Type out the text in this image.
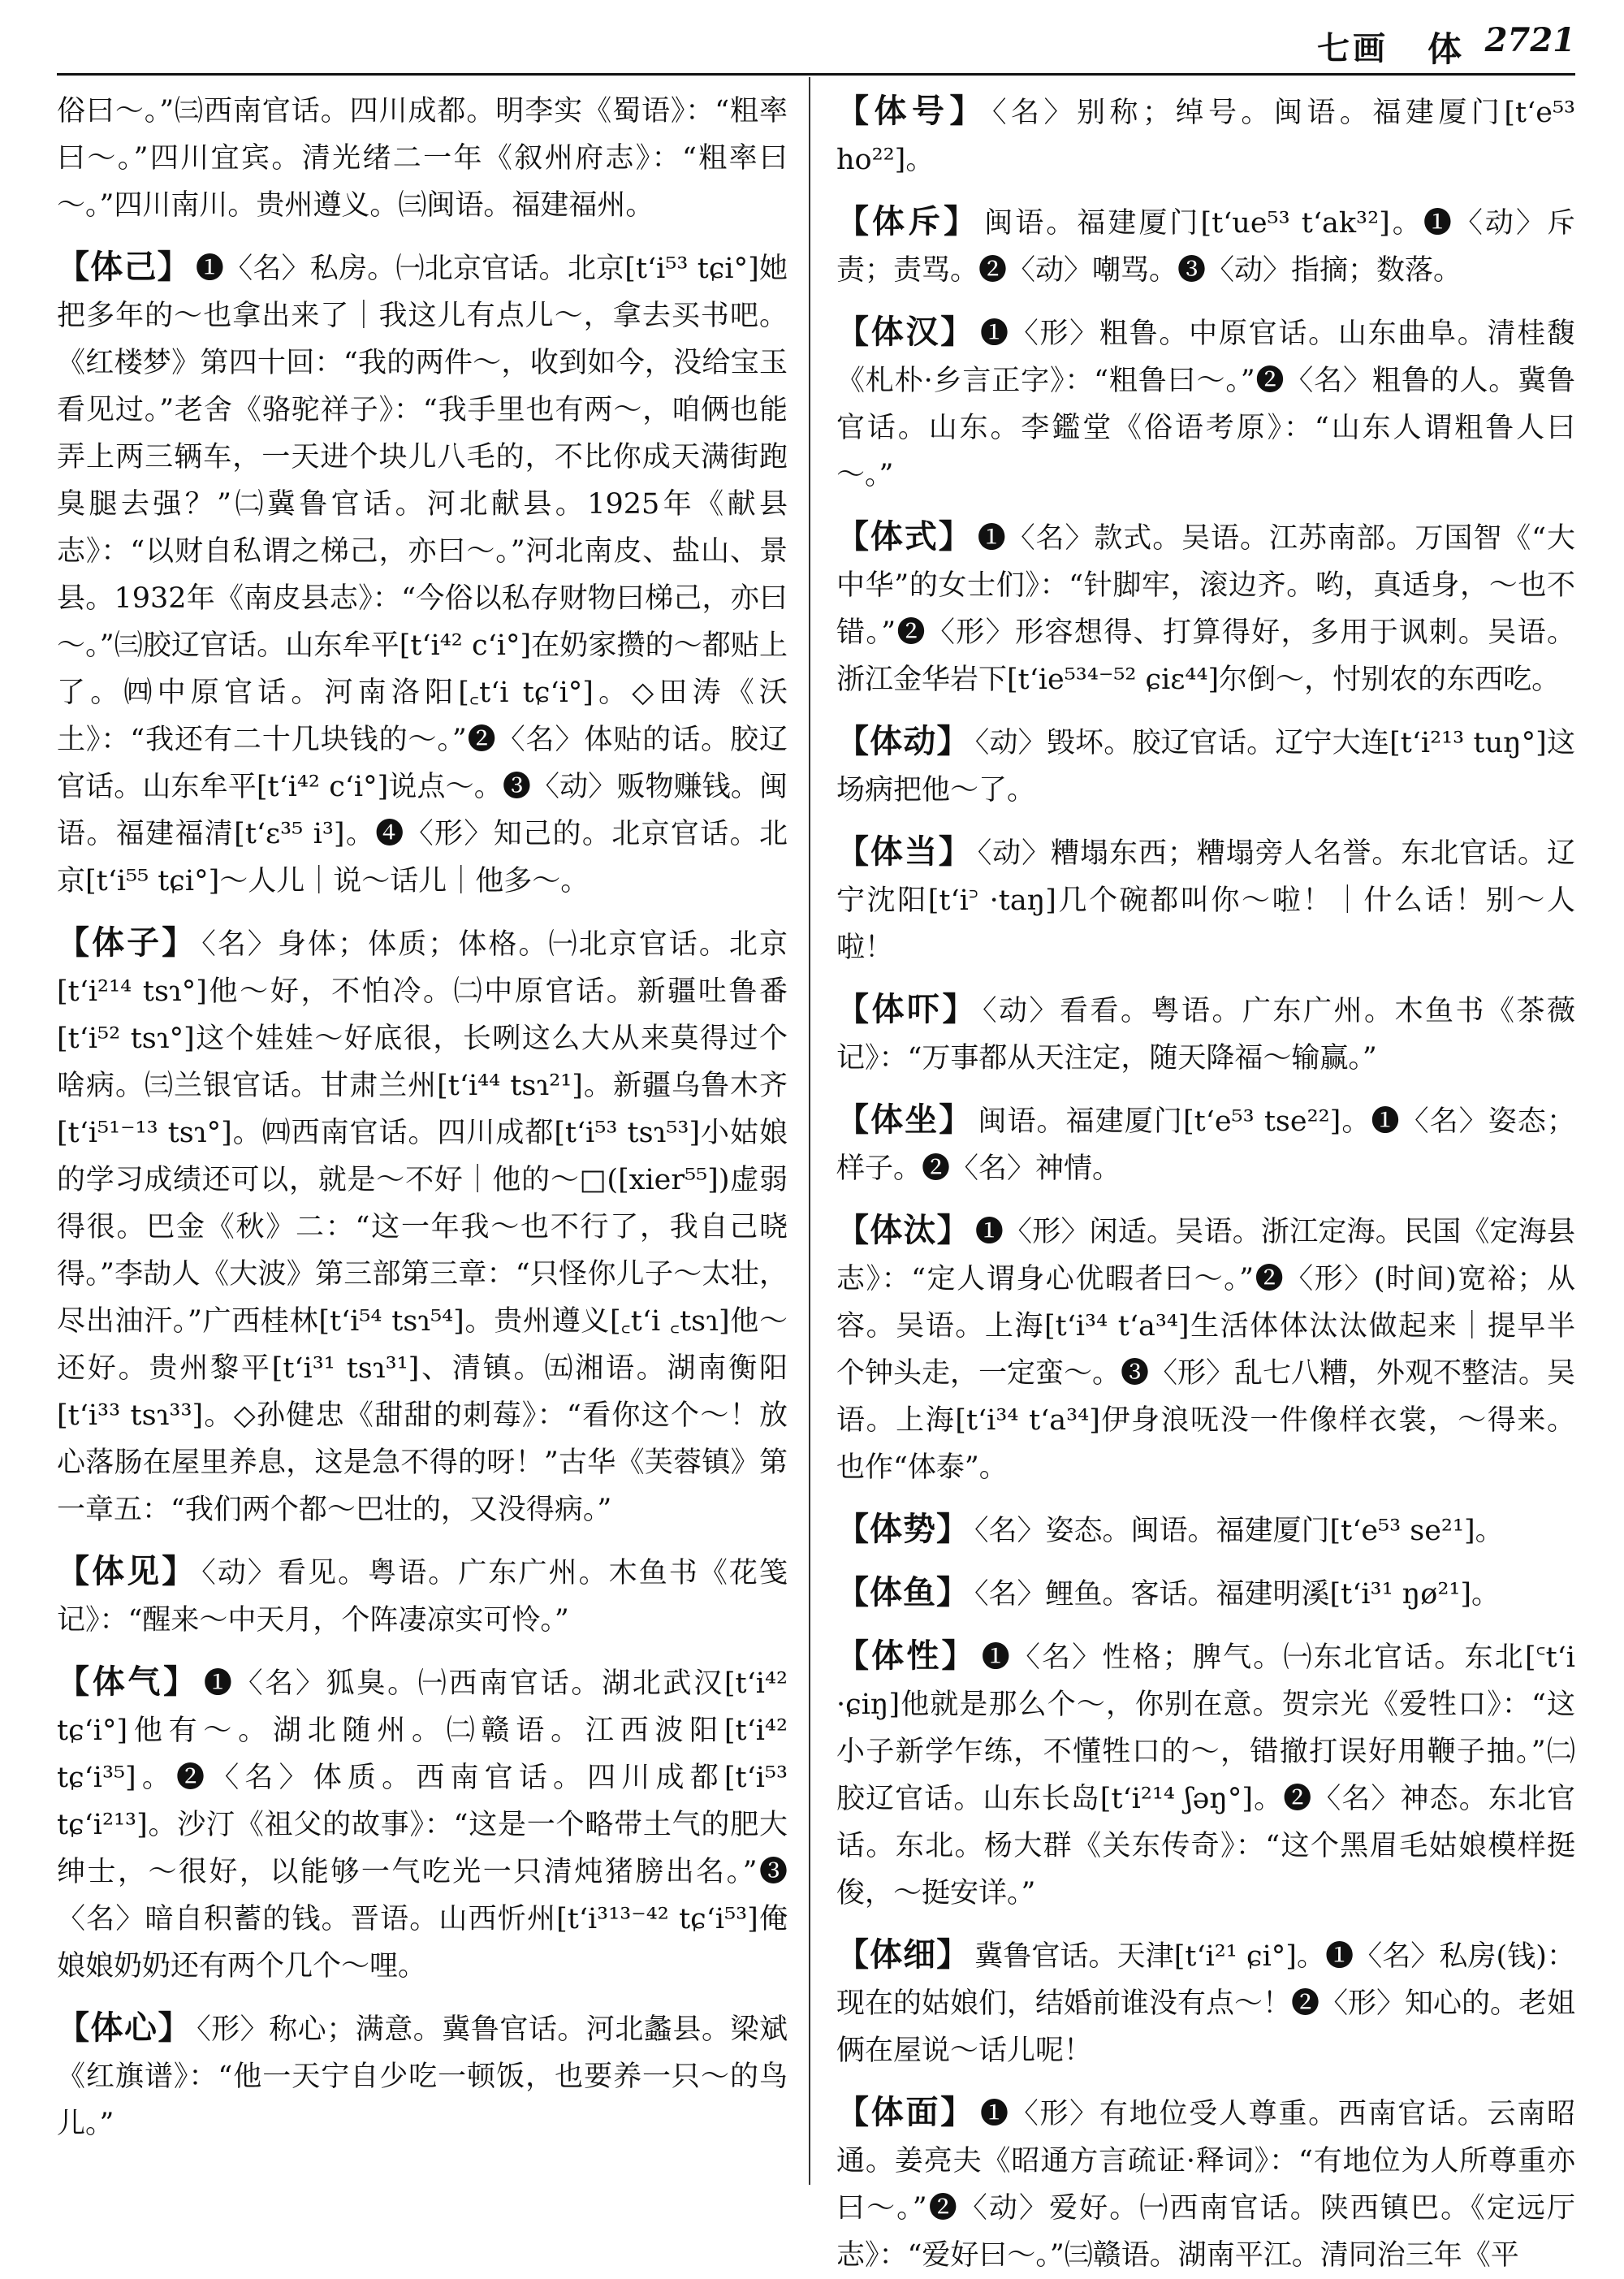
七画 体 2721

俗曰～。”㈢西南官话。四川成都。明李实《蜀语》：“粗率曰～。”四川宜宾。清光绪二一年《叙州府志》：“粗率曰～。”四川南川。贵州遵义。㈢闽语。福建福州。

【体己】 ❶〈名〉私房。㈠北京官话。北京[tʻi⁵³ tɕi°]她把多年的～也拿出来了｜我这儿有点儿～，拿去买书吧。《红楼梦》第四十回：“我的两件～，收到如今，没给宝玉看见过。”老舍《骆驼祥子》：“我手里也有两～，咱俩也能弄上两三辆车，一天进个块儿八毛的，不比你成天满街跑臭腿去强？”㈡冀鲁官话。河北献县。1925年《献县志》：“以财自私谓之梯己，亦曰～。”河北南皮、盐山、景县。1932年《南皮县志》：“今俗以私存财物曰梯己，亦曰～。”㈢胶辽官话。山东牟平[tʻi⁴² cʻi°]在奶家攒的～都贴上了。㈣中原官话。河南洛阳[꜀tʻi tɕʻi°]。◇田涛《沃土》：“我还有二十几块钱的～。”❷〈名〉体贴的话。胶辽官话。山东牟平[tʻi⁴² cʻi°]说点～。❸〈动〉贩物赚钱。闽语。福建福清[tʻɛ³⁵ i³]。❹〈形〉知己的。北京官话。北京[tʻi⁵⁵ tɕi°]～人儿｜说～话儿｜他多～。

【体子】 〈名〉身体；体质；体格。㈠北京官话。北京[tʻi²¹⁴ tsɿ°]他～好，不怕冷。㈡中原官话。新疆吐鲁番[tʻi⁵² tsɿ°]这个娃娃～好底很，长咧这么大从来莫得过个啥病。㈢兰银官话。甘肃兰州[tʻi⁴⁴ tsɿ²¹]。新疆乌鲁木齐[tʻi⁵¹⁻¹³ tsɿ°]。㈣西南官话。四川成都[tʻi⁵³ tsɿ⁵³]小姑娘的学习成绩还可以，就是～不好｜他的～□([xier⁵⁵])虚弱得很。巴金《秋》二：“这一年我～也不行了，我自己晓得。”李劼人《大波》第三部第三章：“只怪你儿子～太壮，尽出油汗。”广西桂林[tʻi⁵⁴ tsɿ⁵⁴]。贵州遵义[꜀tʻi ꜀tsɿ]他～还好。贵州黎平[tʻi³¹ tsɿ³¹]、清镇。㈤湘语。湖南衡阳[tʻi³³ tsɿ³³]。◇孙健忠《甜甜的刺莓》：“看你这个～！放心落肠在屋里养息，这是急不得的呀！”古华《芙蓉镇》第一章五：“我们两个都～巴壮的，又没得病。”

【体见】 〈动〉看见。粤语。广东广州。木鱼书《花笺记》：“醒来～中天月，个阵凄凉实可怜。”

【体气】 ❶〈名〉狐臭。㈠西南官话。湖北武汉[tʻi⁴² tɕʻi°]他有～。湖北随州。㈡赣语。江西波阳[tʻi⁴² tɕʻi³⁵]。❷〈名〉体质。西南官话。四川成都[tʻi⁵³ tɕʻi²¹³]。沙汀《祖父的故事》：“这是一个略带土气的肥大绅士，～很好，以能够一气吃光一只清炖猪膀出名。”❸〈名〉暗自积蓄的钱。晋语。山西忻州[tʻi³¹³⁻⁴² tɕʻi⁵³]俺娘娘奶奶还有两个几个～哩。

【体心】 〈形〉称心；满意。冀鲁官话。河北蠡县。梁斌《红旗谱》：“他一天宁自少吃一顿饭，也要养一只～的鸟儿。”

【体号】 〈名〉别称；绰号。闽语。福建厦门[tʻe⁵³ ho²²]。

【体斥】 闽语。福建厦门[tʻue⁵³ tʻak³²]。❶〈动〉斥责；责骂。❷〈动〉嘲骂。❸〈动〉指摘；数落。

【体汉】 ❶〈形〉粗鲁。中原官话。山东曲阜。清桂馥《札朴·乡言正字》：“粗鲁曰～。”❷〈名〉粗鲁的人。冀鲁官话。山东。李鑑堂《俗语考原》：“山东人谓粗鲁人曰～。”

【体式】 ❶〈名〉款式。吴语。江苏南部。万国智《“大中华”的女士们》：“针脚牢，滚边齐。哟，真适身，～也不错。”❷〈形〉形容想得、打算得好，多用于讽刺。吴语。浙江金华岩下[tʻie⁵³⁴⁻⁵² ɕiɛ⁴⁴]尔倒～，忖别农的东西吃。

【体动】 〈动〉毁坏。胶辽官话。辽宁大连[tʻi²¹³ tuŋ°]这场病把他～了。

【体当】 〈动〉糟塌东西；糟塌旁人名誉。东北官话。辽宁沈阳[tʻi꜄ ·taŋ]几个碗都叫你～啦！｜什么话！别～人啦！

【体吓】 〈动〉看看。粤语。广东广州。木鱼书《茶薇记》：“万事都从天注定，随天降福～输赢。”

【体坐】 闽语。福建厦门[tʻe⁵³ tse²²]。❶〈名〉姿态；样子。❷〈名〉神情。

【体汰】 ❶〈形〉闲适。吴语。浙江定海。民国《定海县志》：“定人谓身心优暇者曰～。”❷〈形〉(时间)宽裕；从容。吴语。上海[tʻi³⁴ tʻa³⁴]生活体体汰汰做起来｜提早半个钟头走，一定蛮～。❸〈形〉乱七八糟，外观不整洁。吴语。上海[tʻi³⁴ tʻa³⁴]伊身浪呒没一件像样衣裳，～得来。也作“体泰”。

【体势】 〈名〉姿态。闽语。福建厦门[tʻe⁵³ se²¹]。

【体鱼】 〈名〉鲤鱼。客话。福建明溪[tʻi³¹ ŋø²¹]。

【体性】 ❶〈名〉性格；脾气。㈠东北官话。东北[꜂tʻi ·ɕiŋ]他就是那么个～，你别在意。贺宗光《爱牲口》：“这小子新学乍练，不懂牲口的～，错撤打误好用鞭子抽。”㈡胶辽官话。山东长岛[tʻi²¹⁴ ʃəŋ°]。❷〈名〉神态。东北官话。东北。杨大群《关东传奇》：“这个黑眉毛姑娘模样挺俊，～挺安详。”

【体细】 冀鲁官话。天津[tʻi²¹ ɕi°]。❶〈名〉私房(钱)：现在的姑娘们，结婚前谁没有点～！❷〈形〉知心的。老姐俩在屋说～话儿呢！

【体面】 ❶〈形〉有地位受人尊重。西南官话。云南昭通。姜亮夫《昭通方言疏证·释词》：“有地位为人所尊重亦曰～。”❷〈动〉爱好。㈠西南官话。陕西镇巴。《定远厅志》：“爱好曰～。”㈢赣语。湖南平江。清同治三年《平
